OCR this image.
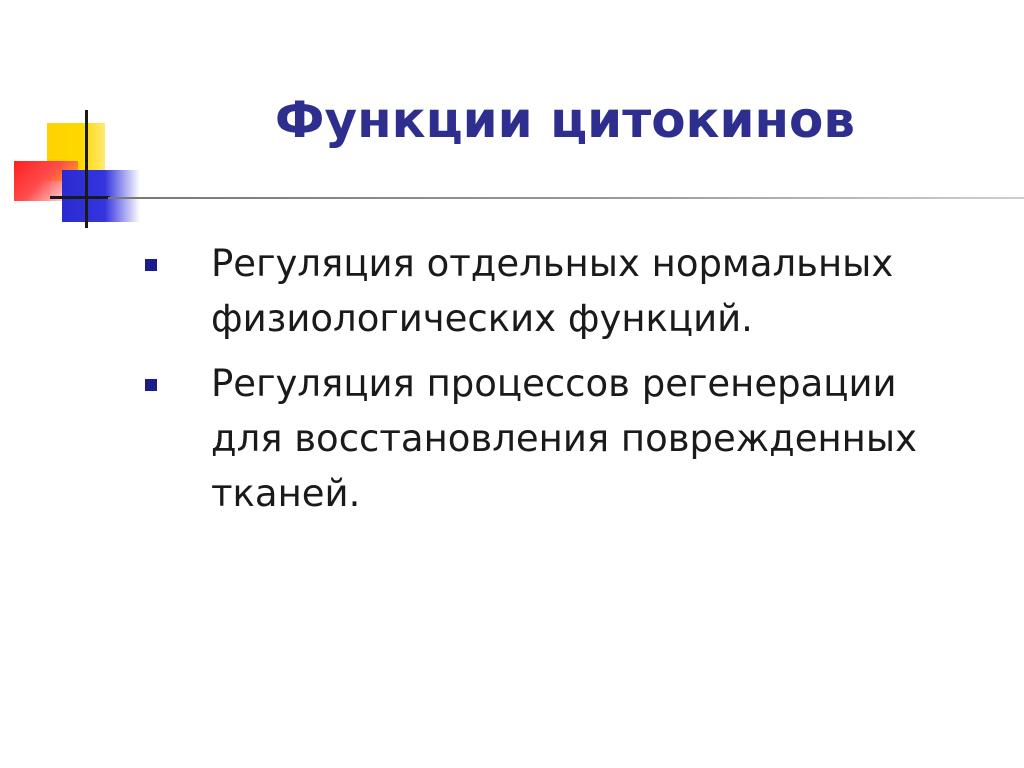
Функции цитокинов
Регуляция отдельных нормальных
физиологических функций.
Регуляция процессов регенерации
для восстановления поврежденных
тканей.
